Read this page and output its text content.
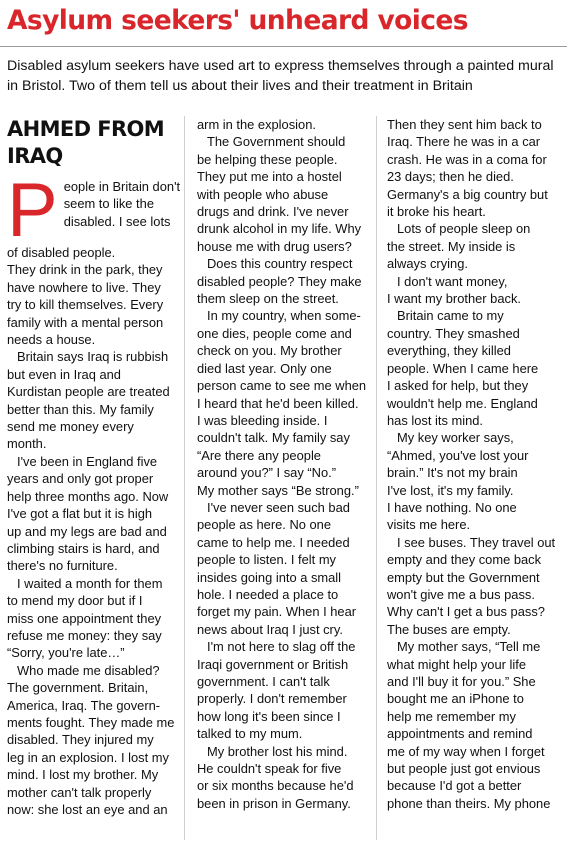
Asylum seekers' unheard voices

Disabled asylum seekers have used art to express themselves through a painted mural in Bristol. Two of them tell us about their lives and their treatment in Britain

AHMED FROM
IRAQ
P eople in Britain don't
seem to like the
disabled. I see lots
of disabled people.
They drink in the park, they
have nowhere to live. They
try to kill themselves. Every
family with a mental person
needs a house.
Britain says Iraq is rubbish
but even in Iraq and
Kurdistan people are treated
better than this. My family
send me money every
month.
I've been in England five
years and only got proper
help three months ago. Now
I've got a flat but it is high
up and my legs are bad and
climbing stairs is hard, and
there's no furniture.
I waited a month for them
to mend my door but if I
miss one appointment they
refuse me money: they say
“Sorry, you're late…”
Who made me disabled?
The government. Britain,
America, Iraq. The govern-
ments fought. They made me
disabled. They injured my
leg in an explosion. I lost my
mind. I lost my brother. My
mother can't talk properly
now: she lost an eye and an
arm in the explosion.
The Government should
be helping these people.
They put me into a hostel
with people who abuse
drugs and drink. I've never
drunk alcohol in my life. Why
house me with drug users?
Does this country respect
disabled people? They make
them sleep on the street.
In my country, when some-
one dies, people come and
check on you. My brother
died last year. Only one
person came to see me when
I heard that he'd been killed.
I was bleeding inside. I
couldn't talk. My family say
“Are there any people
around you?” I say “No.”
My mother says “Be strong.”
I've never seen such bad
people as here. No one
came to help me. I needed
people to listen. I felt my
insides going into a small
hole. I needed a place to
forget my pain. When I hear
news about Iraq I just cry.
I'm not here to slag off the
Iraqi government or British
government. I can't talk
properly. I don't remember
how long it's been since I
talked to my mum.
My brother lost his mind.
He couldn't speak for five
or six months because he'd
been in prison in Germany.
Then they sent him back to
Iraq. There he was in a car
crash. He was in a coma for
23 days; then he died.
Germany's a big country but
it broke his heart.
Lots of people sleep on
the street. My inside is
always crying.
I don't want money,
I want my brother back.
Britain came to my
country. They smashed
everything, they killed
people. When I came here
I asked for help, but they
wouldn't help me. England
has lost its mind.
My key worker says,
“Ahmed, you've lost your
brain.” It's not my brain
I've lost, it's my family.
I have nothing. No one
visits me here.
I see buses. They travel out
empty and they come back
empty but the Government
won't give me a bus pass.
Why can't I get a bus pass?
The buses are empty.
My mother says, “Tell me
what might help your life
and I'll buy it for you.” She
bought me an iPhone to
help me remember my
appointments and remind
me of my way when I forget
but people just got envious
because I'd got a better
phone than theirs. My phone
